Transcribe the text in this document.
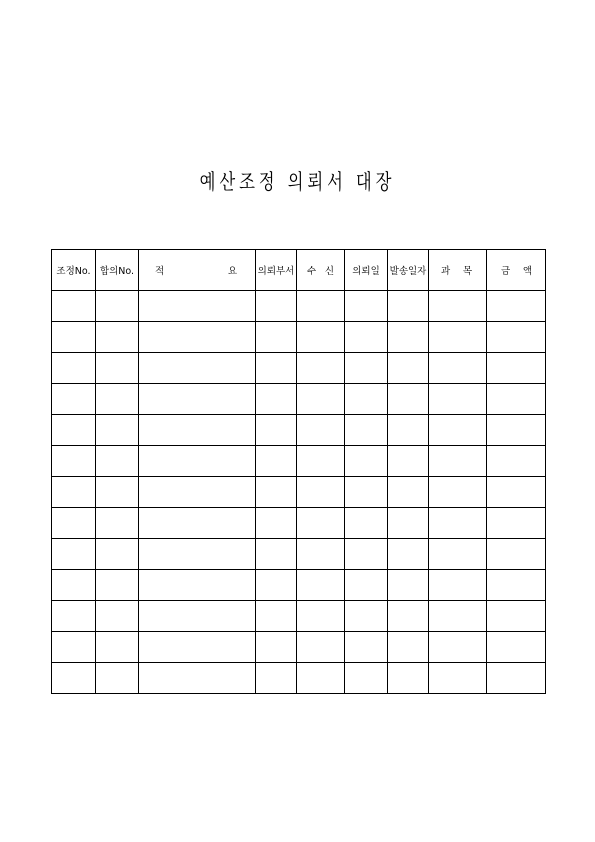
예산조정 의뢰서 대장
조정No.	합의No.	적 요	의뢰부서	수 신	의뢰일	발송일자	과 목	금 액
